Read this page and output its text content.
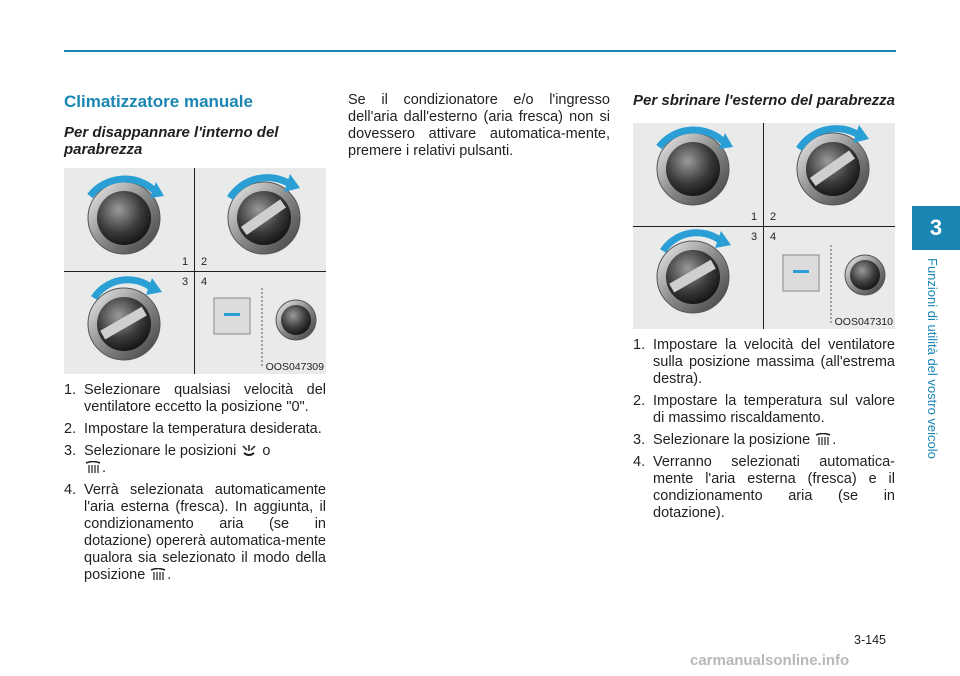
Climatizzatore manuale
Per disappannare l'interno del parabrezza
1 2
3 4
OOS047309
1. Selezionare qualsiasi velocità del ventilatore eccetto la posizione "0".
2. Impostare la temperatura desiderata.
3. Selezionare le posizioni o
.
4. Verrà selezionata automaticamente l'aria esterna (fresca). In aggiunta, il condizionamento aria (se in dotazione) opererà automatica-mente qualora sia selezionato il modo della posizione .

Se il condizionatore e/o l'ingresso dell'aria dall'esterno (aria fresca) non si dovessero attivare automatica-mente, premere i relativi pulsanti.

Per sbrinare l'esterno del parabrezza
1 2
3 4
OOS047310
1. Impostare la velocità del ventilatore sulla posizione massima (all'estrema destra).
2. Impostare la temperatura sul valore di massimo riscaldamento.
3. Selezionare la posizione .
4. Verranno selezionati automatica-mente l'aria esterna (fresca) e il condizionamento aria (se in dotazione).
3
Funzioni di utilità del vostro veicolo
3-145
carmanualsonline.info
